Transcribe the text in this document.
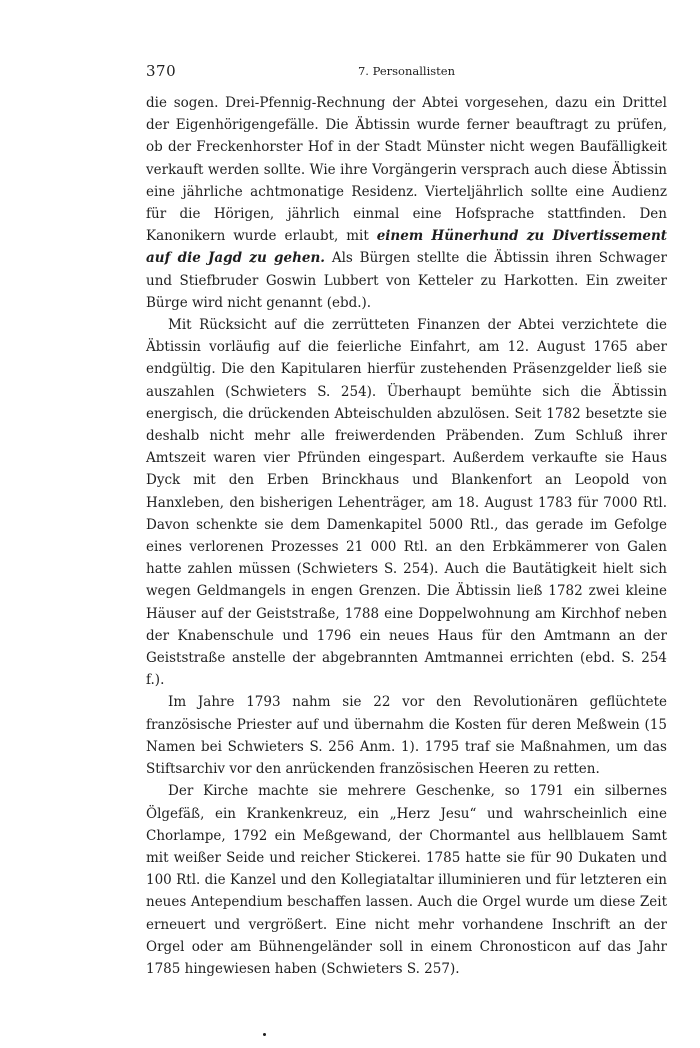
370	7. Personallisten

die sogen. Drei-Pfennig-Rechnung der Abtei vorgesehen, dazu ein Drittel der Eigenhörigengefälle. Die Äbtissin wurde ferner beauftragt zu prüfen, ob der Freckenhorster Hof in der Stadt Münster nicht wegen Baufälligkeit verkauft werden sollte. Wie ihre Vorgängerin versprach auch diese Äbtissin eine jährliche achtmonatige Residenz. Vierteljährlich sollte eine Audienz für die Hörigen, jährlich einmal eine Hofsprache stattfinden. Den Kanonikern wurde erlaubt, mit einem Hünerhund zu Divertissement auf die Jagd zu gehen. Als Bürgen stellte die Äbtissin ihren Schwager und Stiefbruder Goswin Lubbert von Ketteler zu Harkotten. Ein zweiter Bürge wird nicht genannt (ebd.).

Mit Rücksicht auf die zerrütteten Finanzen der Abtei verzichtete die Äbtissin vorläufig auf die feierliche Einfahrt, am 12. August 1765 aber endgültig. Die den Kapitularen hierfür zustehenden Präsenzgelder ließ sie auszahlen (Schwieters S. 254). Überhaupt bemühte sich die Äbtissin energisch, die drückenden Abteischulden abzulösen. Seit 1782 besetzte sie deshalb nicht mehr alle freiwerdenden Präbenden. Zum Schluß ihrer Amtszeit waren vier Pfründen eingespart. Außerdem verkaufte sie Haus Dyck mit den Erben Brinckhaus und Blankenfort an Leopold von Hanxleben, den bisherigen Lehenträger, am 18. August 1783 für 7000 Rtl. Davon schenkte sie dem Damenkapitel 5000 Rtl., das gerade im Gefolge eines verlorenen Prozesses 21 000 Rtl. an den Erbkämmerer von Galen hatte zahlen müssen (Schwieters S. 254). Auch die Bautätigkeit hielt sich wegen Geldmangels in engen Grenzen. Die Äbtissin ließ 1782 zwei kleine Häuser auf der Geiststraße, 1788 eine Doppelwohnung am Kirchhof neben der Knabenschule und 1796 ein neues Haus für den Amtmann an der Geiststraße anstelle der abgebrannten Amtmannei errichten (ebd. S. 254 f.).

Im Jahre 1793 nahm sie 22 vor den Revolutionären geflüchtete französische Priester auf und übernahm die Kosten für deren Meßwein (15 Namen bei Schwieters S. 256 Anm. 1). 1795 traf sie Maßnahmen, um das Stiftsarchiv vor den anrückenden französischen Heeren zu retten.

Der Kirche machte sie mehrere Geschenke, so 1791 ein silbernes Ölgefäß, ein Krankenkreuz, ein „Herz Jesu“ und wahrscheinlich eine Chorlampe, 1792 ein Meßgewand, der Chormantel aus hellblauem Samt mit weißer Seide und reicher Stickerei. 1785 hatte sie für 90 Dukaten und 100 Rtl. die Kanzel und den Kollegiataltar illuminieren und für letzteren ein neues Antependium beschaffen lassen. Auch die Orgel wurde um diese Zeit erneuert und vergrößert. Eine nicht mehr vorhandene Inschrift an der Orgel oder am Bühnengeländer soll in einem Chronosticon auf das Jahr 1785 hingewiesen haben (Schwieters S. 257).
